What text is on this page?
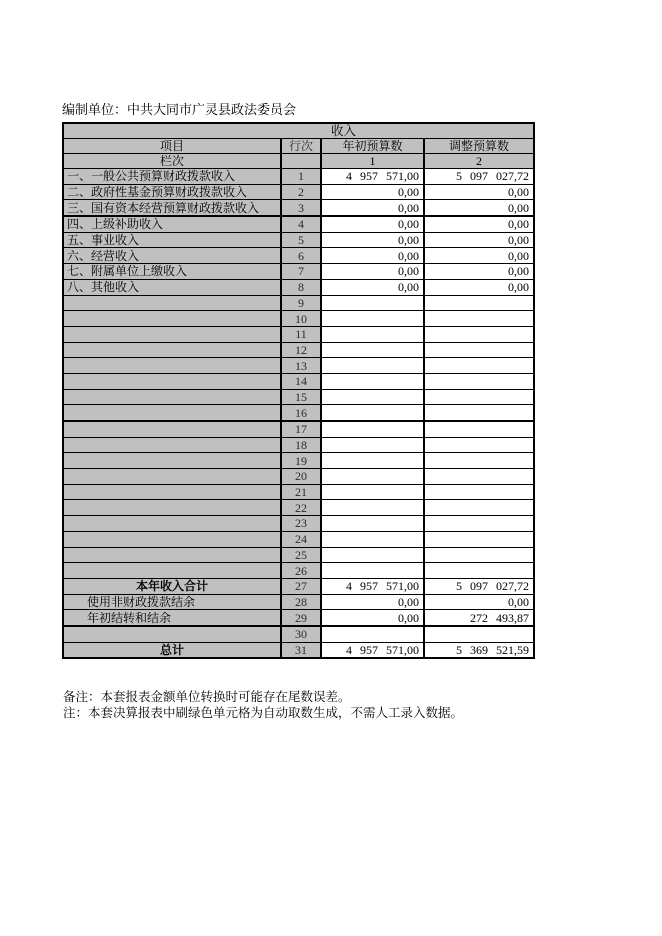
编制单位：中共大同市广灵县政法委员会
收入			
项目	行次	年初预算数	调整预算数
栏次		1	2
一、一般公共预算财政拨款收入	1	4 957 571,00	5 097 027,72
二、政府性基金预算财政拨款收入	2	0,00	0,00
三、国有资本经营预算财政拨款收入	3	0,00	0,00
四、上级补助收入	4	0,00	0,00
五、事业收入	5	0,00	0,00
六、经营收入	6	0,00	0,00
七、附属单位上缴收入	7	0,00	0,00
八、其他收入	8	0,00	0,00
	9		
	10		
	11		
	12		
	13		
	14		
	15		
	16		
	17		
	18		
	19		
	20		
	21		
	22		
	23		
	24		
	25		
	26		
本年收入合计	27	4 957 571,00	5 097 027,72
使用非财政拨款结余	28	0,00	0,00
年初结转和结余	29	0,00	272 493,87
	30		
总计	31	4 957 571,00	5 369 521,59
备注：本套报表金额单位转换时可能存在尾数误差。
注：本套决算报表中刷绿色单元格为自动取数生成，不需人工录入数据。
